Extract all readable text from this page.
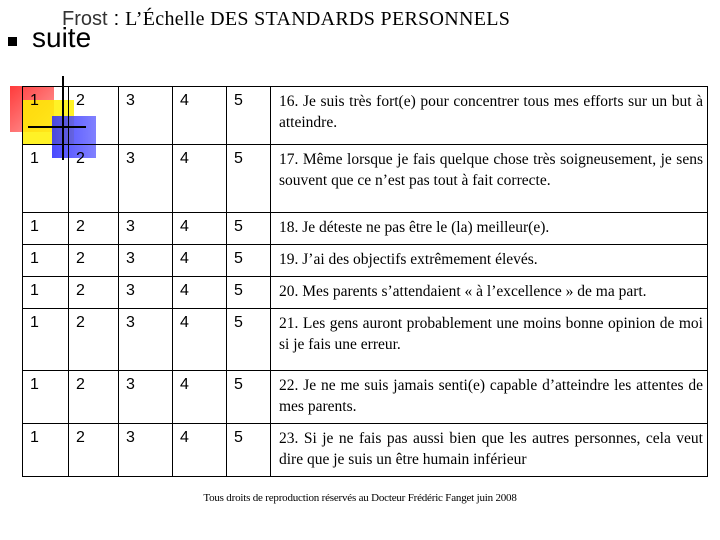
suite
Frost : L’Échelle DES STANDARDS PERSONNELS
1	2	3	4	5	16. Je suis très fort(e) pour concentrer tous mes efforts sur un but à atteindre.
1	2	3	4	5	17. Même lorsque je fais quelque chose très soigneusement, je sens souvent que ce n’est pas tout à fait correcte.
1	2	3	4	5	18. Je déteste ne pas être le (la) meilleur(e).
1	2	3	4	5	19. J’ai des objectifs extrêmement élevés.
1	2	3	4	5	20. Mes parents s’attendaient « à l’excellence » de ma part.
1	2	3	4	5	21. Les gens auront probablement une moins bonne opinion de moi si je fais une erreur.
1	2	3	4	5	22. Je ne me suis jamais senti(e) capable d’atteindre les attentes de mes parents.
1	2	3	4	5	23. Si je ne fais pas aussi bien que les autres personnes, cela veut dire que je suis un être humain inférieur
Tous droits de reproduction réservés au Docteur Frédéric Fanget juin 2008
